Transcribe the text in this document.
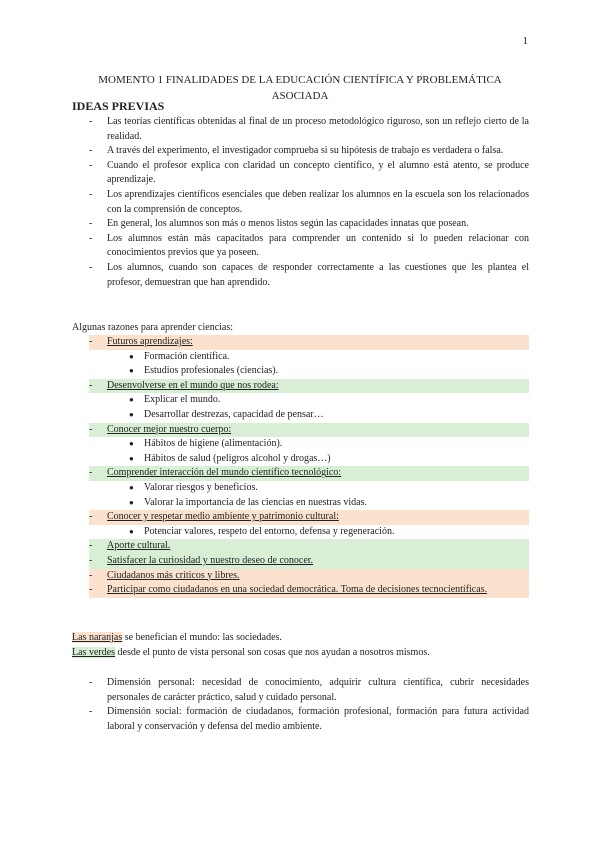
1
MOMENTO 1 FINALIDADES DE LA EDUCACIÓN CIENTÍFICA Y PROBLEMÁTICA
ASOCIADA
IDEAS PREVIAS
- Las teorías científicas obtenidas al final de un proceso metodológico riguroso, son un reflejo cierto de la realidad.
- A través del experimento, el investigador comprueba si su hipótesis de trabajo es verdadera o falsa.
- Cuando el profesor explica con claridad un concepto científico, y el alumno está atento, se produce aprendizaje.
- Los aprendizajes científicos esenciales que deben realizar los alumnos en la escuela son los relacionados con la comprensión de conceptos.
- En general, los alumnos son más o menos listos según las capacidades innatas que posean.
- Los alumnos están más capacitados para comprender un contenido si lo pueden relacionar con conocimientos previos que ya poseen.
- Los alumnos, cuando son capaces de responder correctamente a las cuestiones que les plantea el profesor, demuestran que han aprendido.
Algunas razones para aprender ciencias:
- Futuros aprendizajes:
● Formación científica.
● Estudios profesionales (ciencias).
- Desenvolverse en el mundo que nos rodea:
● Explicar el mundo.
● Desarrollar destrezas, capacidad de pensar…
- Conocer mejor nuestro cuerpo:
● Hábitos de higiene (alimentación).
● Hábitos de salud (peligros alcohol y drogas…)
- Comprender interacción del mundo científico tecnológico:
● Valorar riesgos y beneficios.
● Valorar la importancia de las ciencias en nuestras vidas.
- Conocer y respetar medio ambiente y patrimonio cultural:
● Potenciar valores, respeto del entorno, defensa y regeneración.
- Aporte cultural.
- Satisfacer la curiosidad y nuestro deseo de conocer.
- Ciudadanos más críticos y libres.
- Participar como ciudadanos en una sociedad democrática. Toma de decisiones tecnocientíficas.
Las naranjas se benefician el mundo: las sociedades.
Las verdes desde el punto de vista personal son cosas que nos ayudan a nosotros mismos.
- Dimensión personal: necesidad de conocimiento, adquirir cultura científica, cubrir necesidades personales de carácter práctico, salud y cuidado personal.
- Dimensión social: formación de ciudadanos, formación profesional, formación para futura actividad laboral y conservación y defensa del medio ambiente.
